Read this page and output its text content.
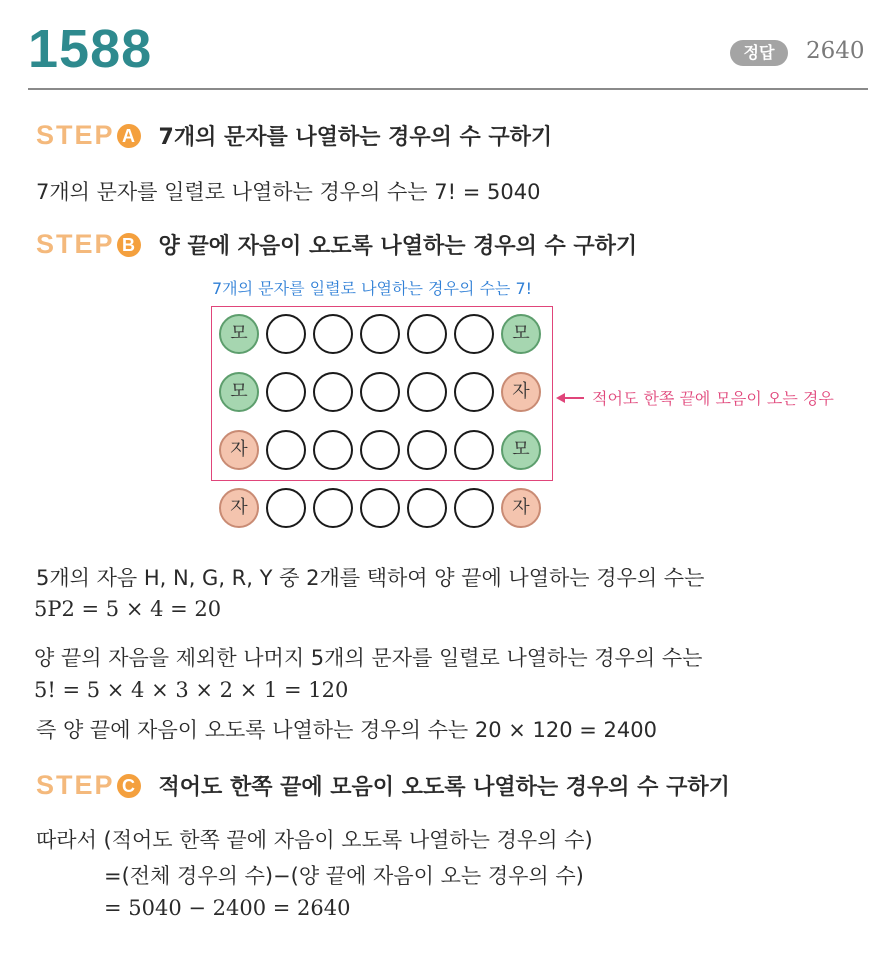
1588	정답	2640
STEP A 7개의 문자를 나열하는 경우의 수 구하기
7개의 문자를 일렬로 나열하는 경우의 수는 7! = 5040
STEP B 양 끝에 자음이 오도록 나열하는 경우의 수 구하기
7개의 문자를 일렬로 나열하는 경우의 수는 7!
모	모
모	자
자	모
자	자
적어도 한쪽 끝에 모음이 오는 경우
5개의 자음 H, N, G, R, Y 중 2개를 택하여 양 끝에 나열하는 경우의 수는
5P2 = 5 × 4 = 20
양 끝의 자음을 제외한 나머지 5개의 문자를 일렬로 나열하는 경우의 수는
5! = 5 × 4 × 3 × 2 × 1 = 120
즉 양 끝에 자음이 오도록 나열하는 경우의 수는 20 × 120 = 2400
STEP C 적어도 한쪽 끝에 모음이 오도록 나열하는 경우의 수 구하기
따라서 (적어도 한쪽 끝에 자음이 오도록 나열하는 경우의 수)
=(전체 경우의 수)−(양 끝에 자음이 오는 경우의 수)
= 5040 − 2400 = 2640
